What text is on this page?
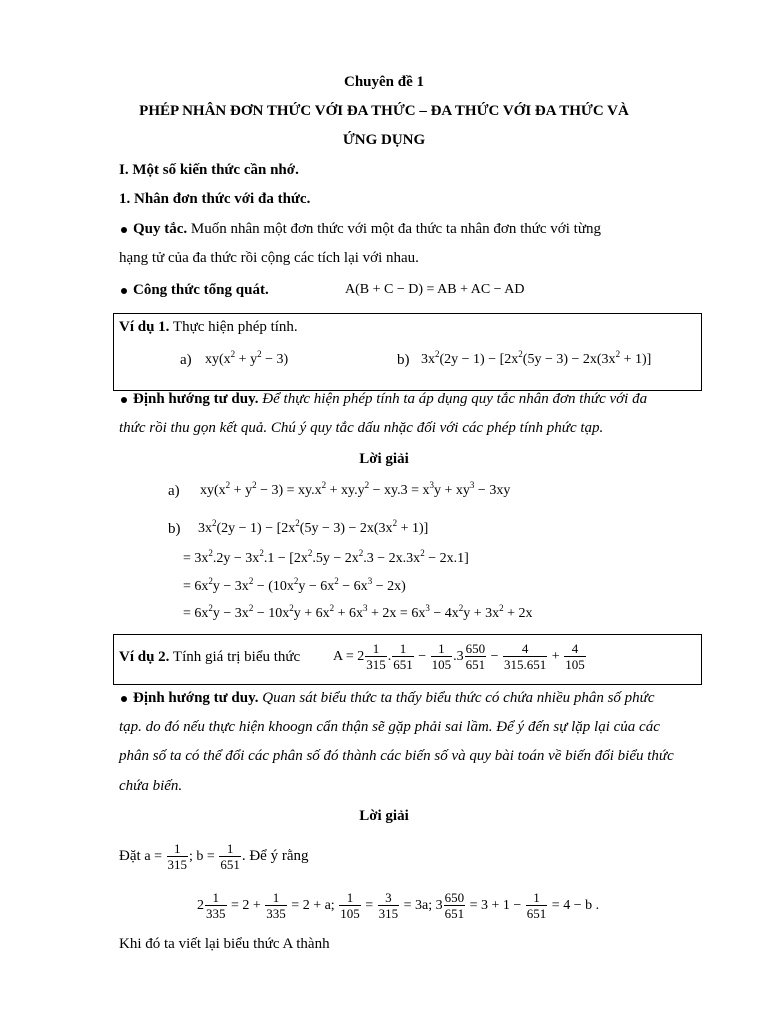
Chuyên đề 1
PHÉP NHÂN ĐƠN THỨC VỚI ĐA THỨC – ĐA THỨC VỚI ĐA THỨC VÀ
ỨNG DỤNG
I. Một số kiến thức cần nhớ.
1. Nhân đơn thức với đa thức.
Quy tắc. Muốn nhân một đơn thức với một đa thức ta nhân đơn thức với từng
hạng tử của đa thức rồi cộng các tích lại với nhau.
Công thức tổng quát.	A(B + C − D) = AB + AC − AD
Ví dụ 1. Thực hiện phép tính.
a) $xy(x^2 + y^2 - 3)$	b) $3x^2(2y - 1) - [2x^2(5y - 3) - 2x(3x^2 + 1)]$
Định hướng tư duy. Để thực hiện phép tính ta áp dụng quy tắc nhân đơn thức với đa
thức rồi thu gọn kết quả. Chú ý quy tắc dấu nhặc đối với các phép tính phức tạp.
Lời giải
a) $xy(x^2 + y^2 - 3) = xy.x^2 + xy.y^2 - xy.3 = x^3y + xy^3 - 3xy$
b) $3x^2(2y - 1) - [2x^2(5y - 3) - 2x(3x^2 + 1)]$
= $3x^2.2y - 3x^2.1 - [2x^2.5y - 2x^2.3 - 2x.3x^2 - 2x.1]$
= $6x^2y - 3x^2 - (10x^2y - 6x^2 - 6x^3 - 2x)$
= $6x^2y - 3x^2 - 10x^2y + 6x^2 + 6x^3 + 2x = 6x^3 - 4x^2y + 3x^2 + 2x$
Ví dụ 2. Tính giá trị biểu thức $A = 2 \frac{1}{315}$ . $\frac{1}{651} - \frac{1}{105} .3 \frac{650}{651} - \frac{4}{315.651} + \frac{4}{105}$
Định hướng tư duy. Quan sát biểu thức ta thấy biểu thức có chứa nhiều phân số phức
tạp. do đó nếu thực hiện khoogn cẩn thận sẽ gặp phải sai lầm. Để ý đến sự lặp lại của các
phân số ta có thể đổi các phân số đó thành các biến số và quy bài toán về biến đổi biểu thức
chứa biến.
Lời giải
Đặt $a = \frac{1}{315}$ ; $b = \frac{1}{651}$ . Để ý rằng
$2 \frac{1}{335} = 2 + \frac{1}{335} = 2 + a$; $\frac{1}{105} = \frac{3}{315} = 3a$; $3 \frac{650}{651} = 3 + 1 - \frac{1}{651} = 4 - b$ .
Khi đó ta viết lại biểu thức A thành
